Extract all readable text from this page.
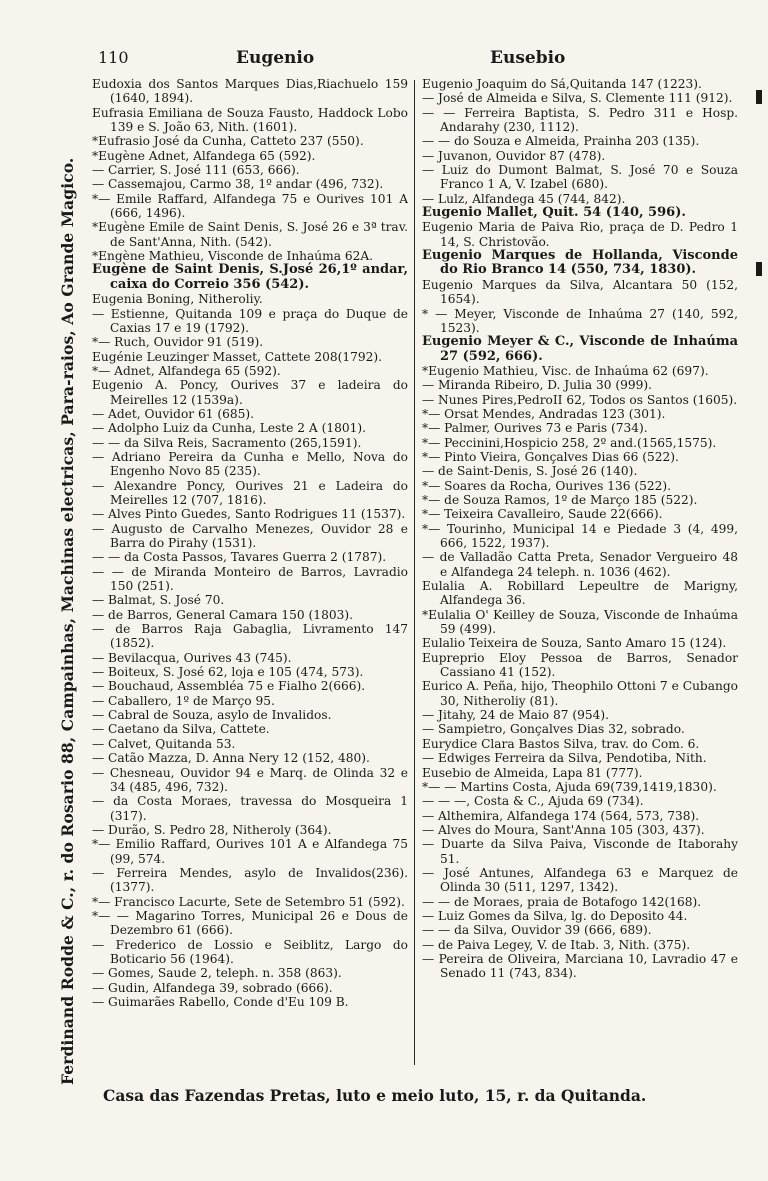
110	Eugenio	Eusebio
Ferdinand Rodde & C., r. do Rosario 88, Campainhas, Machinas electricas, Para-raios, Ao Grande Magico.

Eudoxia dos Santos Marques Dias,Riachuelo 159 (1640, 1894).

Eufrasia Emiliana de Souza Fausto, Haddock Lobo 139 e S. João 63, Nith. (1601).

*Eufrasio José da Cunha, Catteto 237 (550).

*Eugène Adnet, Alfandega 65 (592).

— Carrier, S. José 111 (653, 666).

— Cassemajou, Carmo 38, 1º andar (496, 732).

*— Emile Raffard, Alfandega 75 e Ourives 101 A (666, 1496).

*Eugène Emile de Saint Denis, S. José 26 e 3ª trav. de Sant'Anna, Nith. (542).

*Engène Mathieu, Visconde de Inhaúma 62A.

Eugène de Saint Denis, S.José 26,1º andar, caixa do Correio 356 (542).

Eugenia Boning, Nitheroliy.

— Estienne, Quitanda 109 e praça do Duque de Caxias 17 e 19 (1792).

*— Ruch, Ouvidor 91 (519).

Eugénie Leuzinger Masset, Cattete 208(1792).

*— Adnet, Alfandega 65 (592).

Eugenio A. Poncy, Ourives 37 e ladeira do Meirelles 12 (1539a).

— Adet, Ouvidor 61 (685).

— Adolpho Luiz da Cunha, Leste 2 A (1801).

— — da Silva Reis, Sacramento (265,1591).

— Adriano Pereira da Cunha e Mello, Nova do Engenho Novo 85 (235).

— Alexandre Poncy, Ourives 21 e Ladeira do Meirelles 12 (707, 1816).

— Alves Pinto Guedes, Santo Rodrigues 11 (1537).

— Augusto de Carvalho Menezes, Ouvidor 28 e Barra do Pirahy (1531).

— — da Costa Passos, Tavares Guerra 2 (1787).

— — de Miranda Monteiro de Barros, Lavradio 150 (251).

— Balmat, S. José 70.

— de Barros, General Camara 150 (1803).

— de Barros Raja Gabaglia, Livramento 147 (1852).

— Bevilacqua, Ourives 43 (745).

— Boiteux, S. José 62, loja e 105 (474, 573).

— Bouchaud, Assembléa 75 e Fialho 2(666).

— Caballero, 1º de Março 95.

— Cabral de Souza, asylo de Invalidos.

— Caetano da Silva, Cattete.

— Calvet, Quitanda 53.

— Catão Mazza, D. Anna Nery 12 (152, 480).

— Chesneau, Ouvidor 94 e Marq. de Olinda 32 e 34 (485, 496, 732).

— da Costa Moraes, travessa do Mosqueira 1 (317).

— Durão, S. Pedro 28, Nitheroly (364).

*— Emilio Raffard, Ourives 101 A e Alfandega 75 (99, 574.

— Ferreira Mendes, asylo de Invalidos(236). (1377).

*— Francisco Lacurte, Sete de Setembro 51 (592).

*— — Magarino Torres, Municipal 26 e Dous de Dezembro 61 (666).

— Frederico de Lossio e Seiblitz, Largo do Boticario 56 (1964).

— Gomes, Saude 2, teleph. n. 358 (863).

— Gudin, Alfandega 39, sobrado (666).

— Guimarães Rabello, Conde d'Eu 109 B.

Eugenio Joaquim do Sá,Quitanda 147 (1223).

— José de Almeida e Silva, S. Clemente 111 (912).

— — Ferreira Baptista, S. Pedro 311 e Hosp. Andarahy (230, 1112).

— — do Souza e Almeida, Prainha 203 (135).

— Juvanon, Ouvidor 87 (478).

— Luiz do Dumont Balmat, S. José 70 e Souza Franco 1 A, V. Izabel (680).

— Lulz, Alfandega 45 (744, 842).

Eugenio Mallet, Quit. 54 (140, 596).

Eugenio Maria de Paiva Rio, praça de D. Pedro 1 14, S. Christovão.

Eugenio Marques de Hollanda, Visconde do Rio Branco 14 (550, 734, 1830).

Eugenio Marques da Silva, Alcantara 50 (152, 1654).

* — Meyer, Visconde de Inhaúma 27 (140, 592, 1523).

Eugenio Meyer & C., Visconde de Inhaúma 27 (592, 666).

*Eugenio Mathieu, Visc. de Inhaúma 62 (697).

— Miranda Ribeiro, D. Julia 30 (999).

— Nunes Pires,PedroII 62, Todos os Santos (1605).

*— Orsat Mendes, Andradas 123 (301).

*— Palmer, Ourives 73 e Paris (734).

*— Peccinini,Hospicio 258, 2º and.(1565,1575).

*— Pinto Vieira, Gonçalves Dias 66 (522).

— de Saint-Denis, S. José 26 (140).

*— Soares da Rocha, Ourives 136 (522).

*— de Souza Ramos, 1º de Março 185 (522).

*— Teixeira Cavalleiro, Saude 22(666).

*— Tourinho, Municipal 14 e Piedade 3 (4, 499, 666, 1522, 1937).

— de Valladão Catta Preta, Senador Vergueiro 48 e Alfandega 24 teleph. n. 1036 (462).

Eulalia A. Robillard Lepeultre de Marigny, Alfandega 36.

*Eulalia O' Keilley de Souza, Visconde de Inhaúma 59 (499).

Eulalio Teixeira de Souza, Santo Amaro 15 (124).

Eupreprio Eloy Pessoa de Barros, Senador Cassiano 41 (152).

Eurico A. Peña, hijo, Theophilo Ottoni 7 e Cubango 30, Nitheroliy (81).

— Jitahy, 24 de Maio 87 (954).

— Sampietro, Gonçalves Dias 32, sobrado.

Eurydice Clara Bastos Silva, trav. do Com. 6.

— Edwiges Ferreira da Silva, Pendotiba, Nith.

Eusebio de Almeida, Lapa 81 (777).

*— — Martins Costa, Ajuda 69(739,1419,1830).

— — —, Costa & C., Ajuda 69 (734).

— Althemira, Alfandega 174 (564, 573, 738).

— Alves do Moura, Sant'Anna 105 (303, 437).

— Duarte da Silva Paiva, Visconde de Itaborahy 51.

— José Antunes, Alfandega 63 e Marquez de Olinda 30 (511, 1297, 1342).

— — de Moraes, praia de Botafogo 142(168).

— Luiz Gomes da Silva, lg. do Deposito 44.

— — da Silva, Ouvidor 39 (666, 689).

— de Paiva Legey, V. de Itab. 3, Nith. (375).

— Pereira de Oliveira, Marciana 10, Lavradio 47 e Senado 11 (743, 834).

Casa das Fazendas Pretas, luto e meio luto, 15, r. da Quitanda.
